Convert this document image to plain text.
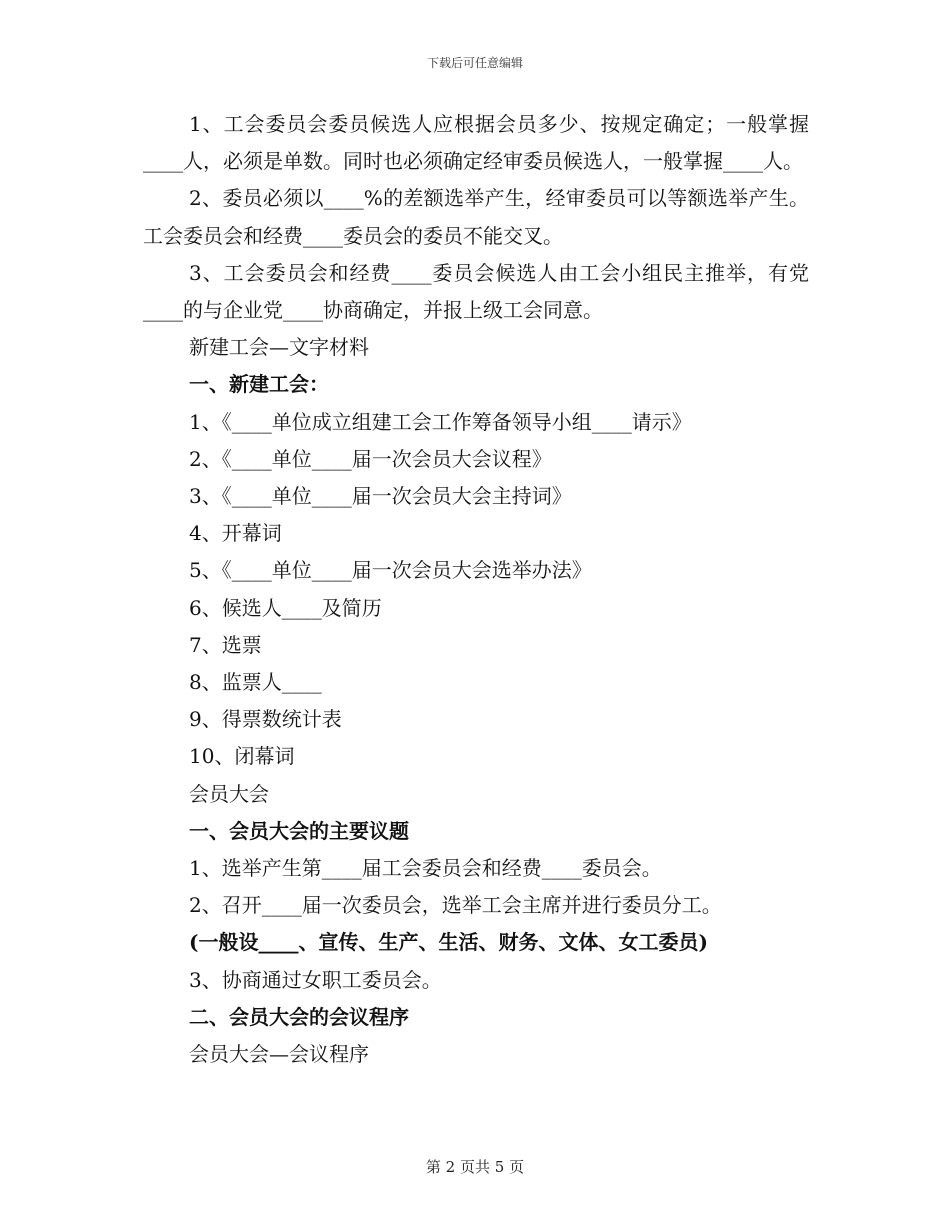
下载后可任意编辑

1、工会委员会委员候选人应根据会员多少、按规定确定；一般掌握____人，必须是单数。同时也必须确定经审委员候选人，一般掌握____人。

2、委员必须以____%的差额选举产生，经审委员可以等额选举产生。工会委员会和经费____委员会的委员不能交叉。

3、工会委员会和经费____委员会候选人由工会小组民主推举，有党____的与企业党____协商确定，并报上级工会同意。

新建工会—文字材料

一、新建工会：

1、《____单位成立组建工会工作筹备领导小组____请示》

2、《____单位____届一次会员大会议程》

3、《____单位____届一次会员大会主持词》

4、开幕词

5、《____单位____届一次会员大会选举办法》

6、候选人____及简历

7、选票

8、监票人____

9、得票数统计表

10、闭幕词

会员大会

一、会员大会的主要议题

1、选举产生第____届工会委员会和经费____委员会。

2、召开____届一次委员会，选举工会主席并进行委员分工。

(一般设____、宣传、生产、生活、财务、文体、女工委员)

3、协商通过女职工委员会。

二、会员大会的会议程序

会员大会—会议程序

第 2 页共 5 页
